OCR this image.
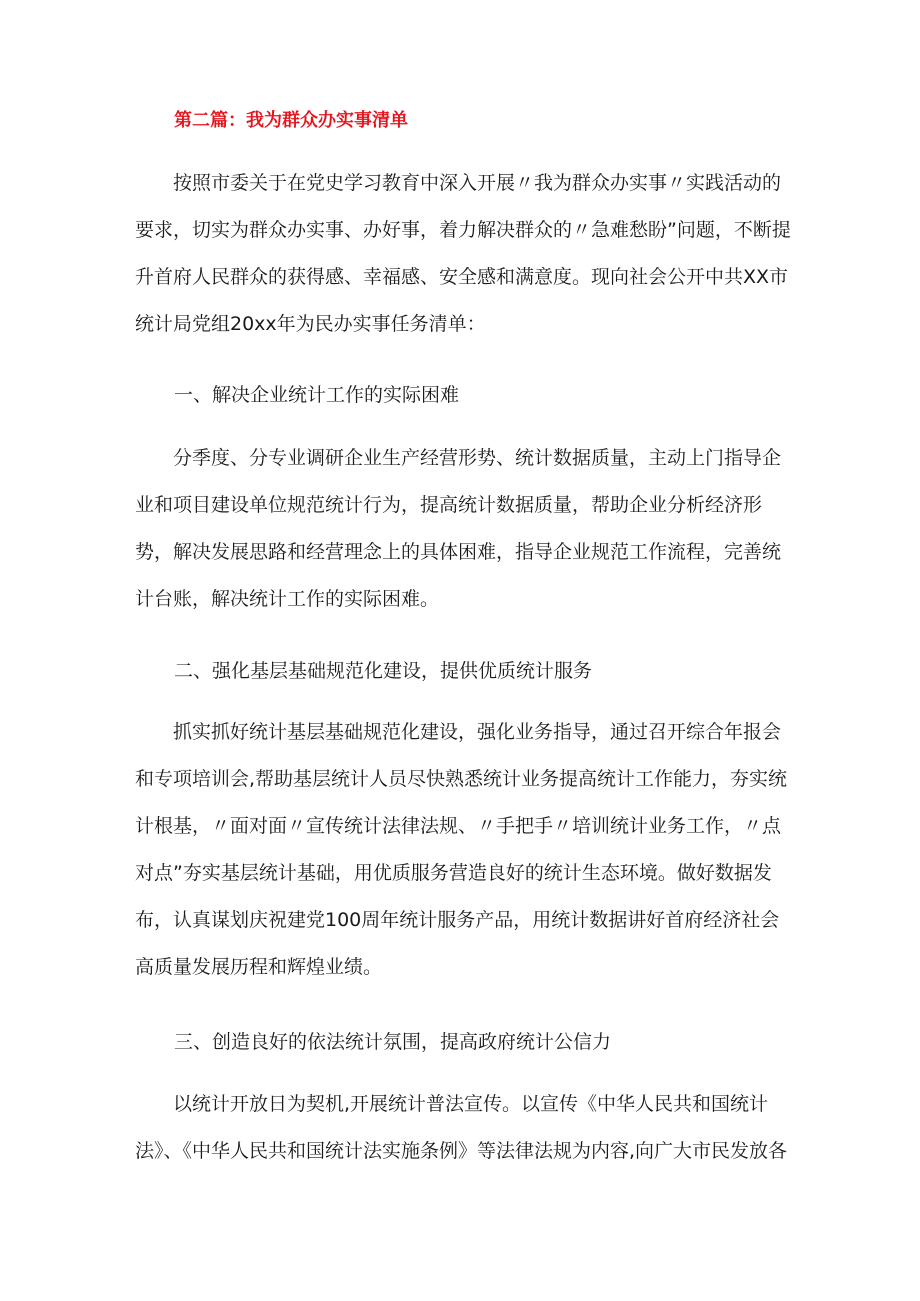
第二篇：我为群众办实事清单
按照市委关于在党史学习教育中深入开展〃我为群众办实事〃实践活动的要求，切实为群众办实事、办好事，着力解决群众的〃急难愁盼”问题，不断提升首府人民群众的获得感、幸福感、安全感和满意度。现向社会公开中共XX市统计局党组20xx年为民办实事任务清单：
一、解决企业统计工作的实际困难
分季度、分专业调研企业生产经营形势、统计数据质量，主动上门指导企业和项目建设单位规范统计行为，提高统计数据质量，帮助企业分析经济形势，解决发展思路和经营理念上的具体困难，指导企业规范工作流程，完善统计台账，解决统计工作的实际困难。
二、强化基层基础规范化建设，提供优质统计服务
抓实抓好统计基层基础规范化建设，强化业务指导，通过召开综合年报会和专项培训会,帮助基层统计人员尽快熟悉统计业务提高统计工作能力，夯实统计根基，〃面对面〃宣传统计法律法规、〃手把手〃培训统计业务工作，〃点对点”夯实基层统计基础，用优质服务营造良好的统计生态环境。做好数据发布，认真谋划庆祝建党100周年统计服务产品，用统计数据讲好首府经济社会高质量发展历程和辉煌业绩。
三、创造良好的依法统计氛围，提高政府统计公信力
以统计开放日为契机,开展统计普法宣传。以宣传《中华人民共和国统计法》、《中华人民共和国统计法实施条例》等法律法规为内容,向广大市民发放各
